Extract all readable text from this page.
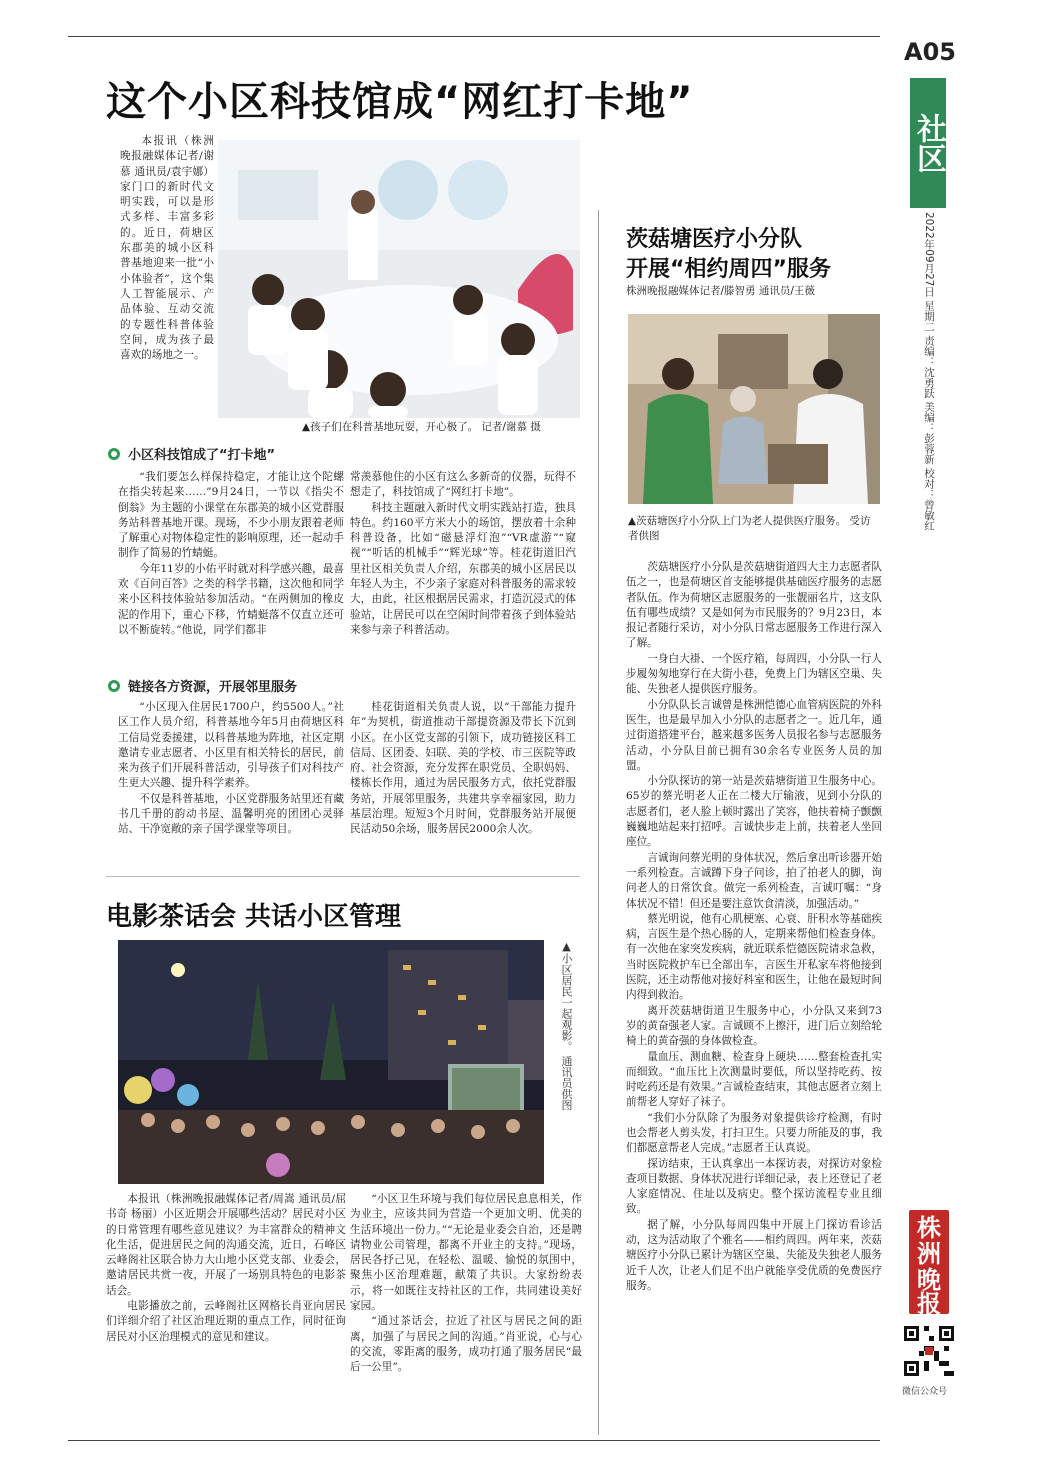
A05
社区
2022年09月27日 星期二 责编：沈勇跃 美编：彭蓉新 校对：曾敏红
株
洲
晚
报
微信公众号
这个小区科技馆成“网红打卡地”

本报讯（株洲晚报融媒体记者/谢慕 通讯员/袁宇娜）家门口的新时代文明实践，可以是形式多样、丰富多彩的。近日，荷塘区东郡美的城小区科普基地迎来一批“小小体验者”，这个集人工智能展示、产品体验、互动交流的专题性科普体验空间，成为孩子最喜欢的场地之一。

▲孩子们在科普基地玩耍，开心极了。 记者/谢慕 摄
小区科技馆成了“打卡地”

“我们要怎么样保持稳定，才能让这个陀螺在指尖转起来……”9月24日，一节以《指尖不倒翁》为主题的小课堂在东郡美的城小区党群服务站科普基地开课。现场，不少小朋友跟着老师了解重心对物体稳定性的影响原理，还一起动手制作了简易的竹蜻蜓。

今年11岁的小佑平时就对科学感兴趣，最喜欢《百问百答》之类的科学书籍，这次他和同学来小区科技体验站参加活动。“在两侧加的橡皮泥的作用下，重心下移，竹蜻蜓落不仅直立还可以不断旋转。”他说，同学们都非

常羡慕他住的小区有这么多新奇的仪器，玩得不想走了，科技馆成了“网红打卡地”。

科技主题融入新时代文明实践站打造，独具特色。约160平方米大小的场馆，摆放着十余种科普设备，比如“磁悬浮灯泡”“VR虚游”“窥视”“听话的机械手”“辉光球”等。桂花街道旧汽里社区相关负责人介绍，东郡美的城小区居民以年轻人为主，不少亲子家庭对科普服务的需求较大，由此，社区根据居民需求，打造沉浸式的体验站，让居民可以在空闲时间带着孩子到体验站来参与亲子科普活动。

链接各方资源，开展邻里服务

“小区现入住居民1700户，约5500人。”社区工作人员介绍，科普基地今年5月由荷塘区科工信局党委援建，以科普基地为阵地，社区定期邀请专业志愿者、小区里有相关特长的居民，前来为孩子们开展科普活动，引导孩子们对科技产生更大兴趣、提升科学素养。

不仅是科普基地，小区党群服务站里还有藏书几千册的韵动书屋、温馨明亮的团团心灵驿站、干净宽敞的亲子国学课堂等项目。

桂花街道相关负责人说，以“干部能力提升年”为契机，街道推动干部提资源及带长下沉到小区。在小区党支部的引领下，成功链接区科工信局、区团委、妇联、美的学校、市三医院等政府、社会资源，充分发挥在职党员、全职妈妈、楼栋长作用，通过为居民服务方式，依托党群服务站，开展邻里服务，共建共享幸福家园，助力基层治理。短短3个月时间，党群服务站开展便民活动50余场，服务居民2000余人次。

茨菇塘医疗小分队
开展“相约周四”服务
株洲晚报融媒体记者/滕智勇 通讯员/王薇
▲茨菇塘医疗小分队上门为老人提供医疗服务。 受访者供图

茨菇塘医疗小分队是茨菇塘街道四大主力志愿者队伍之一，也是荷塘区首支能够提供基础医疗服务的志愿者队伍。作为荷塘区志愿服务的一张靓丽名片，这支队伍有哪些成绩？又是如何为市民服务的？9月23日，本报记者随行采访，对小分队日常志愿服务工作进行深入了解。

一身白大褂、一个医疗箱，每周四，小分队一行人步履匆匆地穿行在大街小巷，免费上门为辖区空巢、失能、失独老人提供医疗服务。

小分队队长言诚曾是株洲恺德心血管病医院的外科医生，也是最早加入小分队的志愿者之一。近几年，通过街道搭建平台，越来越多医务人员报名参与志愿服务活动，小分队目前已拥有30余名专业医务人员的加盟。

小分队探访的第一站是茨菇塘街道卫生服务中心。65岁的蔡光明老人正在二楼大厅输液，见到小分队的志愿者们，老人脸上顿时露出了笑容，他扶着椅子颤颤巍巍地站起来打招呼。言诚快步走上前，扶着老人坐回座位。

言诚询问蔡光明的身体状况，然后拿出听诊器开始一系列检查。言诚蹲下身子问诊，拍了拍老人的脚，询问老人的日常饮食。做完一系列检查，言诚叮嘱：“身体状况不错！但还是要注意饮食清淡，加强活动。”

蔡光明说，他有心肌梗塞、心衰、肝积水等基础疾病，言医生是个热心肠的人，定期来帮他们检查身体。有一次他在家突发疾病，就近联系恺德医院请求急救，当时医院救护车已全部出车，言医生开私家车将他接到医院，还主动帮他对接好科室和医生，让他在最短时间内得到救治。

离开茨菇塘街道卫生服务中心，小分队又来到73岁的黄奋强老人家。言诚顾不上擦汗，进门后立刻给轮椅上的黄奋强的身体做检查。

量血压、测血糖、检查身上硬块……整套检查扎实而细致。“血压比上次测量时要低，所以坚持吃药、按时吃药还是有效果。”言诚检查结束，其他志愿者立刻上前帮老人穿好了袜子。

“我们小分队除了为服务对象提供诊疗检测，有时也会帮老人剪头发，打扫卫生。只要力所能及的事，我们都愿意帮老人完成。”志愿者王认真说。

探访结束，王认真拿出一本探访表，对探访对象检查项目数据、身体状况进行详细记录，表上还登记了老人家庭情况、住址以及病史。整个探访流程专业且细致。

据了解，小分队每周四集中开展上门探访看诊活动，这为活动取了个雅名——相约周四。两年来，茨菇塘医疗小分队已累计为辖区空巢、失能及失独老人服务近千人次，让老人们足不出户就能享受优质的免费医疗服务。

电影茶话会 共话小区管理
▲小区居民一起观影。 通讯员供图

本报讯（株洲晚报融媒体记者/周嵩 通讯员/屈书奇 杨丽）小区近期会开展哪些活动？居民对小区的日常管理有哪些意见建议？为丰富群众的精神文化生活，促进居民之间的沟通交流，近日，石峰区云峰阁社区联合协力大山地小区党支部、业委会，邀请居民共赏一夜，开展了一场别具特色的电影茶话会。

电影播放之前，云峰阁社区网格长肖亚向居民们详细介绍了社区治理近期的重点工作，同时征询居民对小区治理模式的意见和建议。

“小区卫生环境与我们每位居民息息相关，作为业主，应该共同为营造一个更加文明、优美的生活环境出一份力。”“无论是业委会自治，还是聘请物业公司管理，都离不开业主的支持。”现场，居民各抒己见，在轻松、温暖、愉悦的氛围中，聚焦小区治理难题，献策了共识。大家纷纷表示，将一如既往支持社区的工作，共同建设美好家园。

“通过茶话会，拉近了社区与居民之间的距离，加强了与居民之间的沟通。”肖亚说，心与心的交流，零距离的服务，成功打通了服务居民“最后一公里”。
